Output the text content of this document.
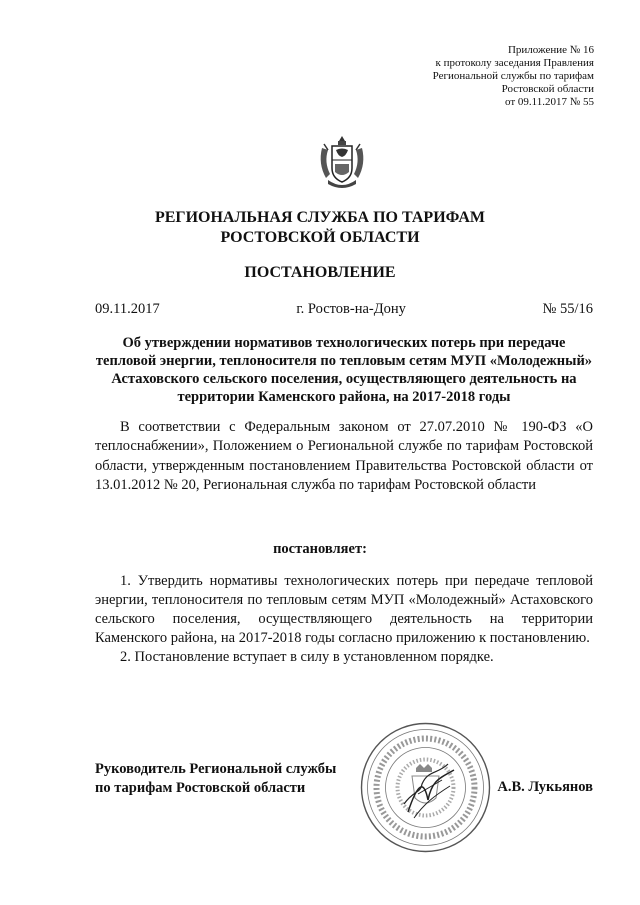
Приложение № 16
к протоколу заседания Правления
Региональной службы по тарифам
Ростовской области
от 09.11.2017 № 55
РЕГИОНАЛЬНАЯ СЛУЖБА ПО ТАРИФАМ
РОСТОВСКОЙ ОБЛАСТИ
ПОСТАНОВЛЕНИЕ
09.11.2017	г. Ростов-на-Дону	№ 55/16
Об утверждении нормативов технологических потерь при передаче тепловой энергии, теплоносителя по тепловым сетям МУП «Молодежный» Астаховского сельского поселения, осуществляющего деятельность на территории Каменского района, на 2017-2018 годы
В соответствии с Федеральным законом от 27.07.2010 № 190-ФЗ «О теплоснабжении», Положением о Региональной службе по тарифам Ростовской области, утвержденным постановлением Правительства Ростовской области от 13.01.2012 № 20, Региональная служба по тарифам Ростовской области
постановляет:

1. Утвердить нормативы технологических потерь при передаче тепловой энергии, теплоносителя по тепловым сетям МУП «Молодежный» Астаховского сельского поселения, осуществляющего деятельность на территории Каменского района, на 2017-2018 годы согласно приложению к постановлению.

2. Постановление вступает в силу в установленном порядке.

Руководитель Региональной службы
по тарифам Ростовской области	А.В. Лукьянов
